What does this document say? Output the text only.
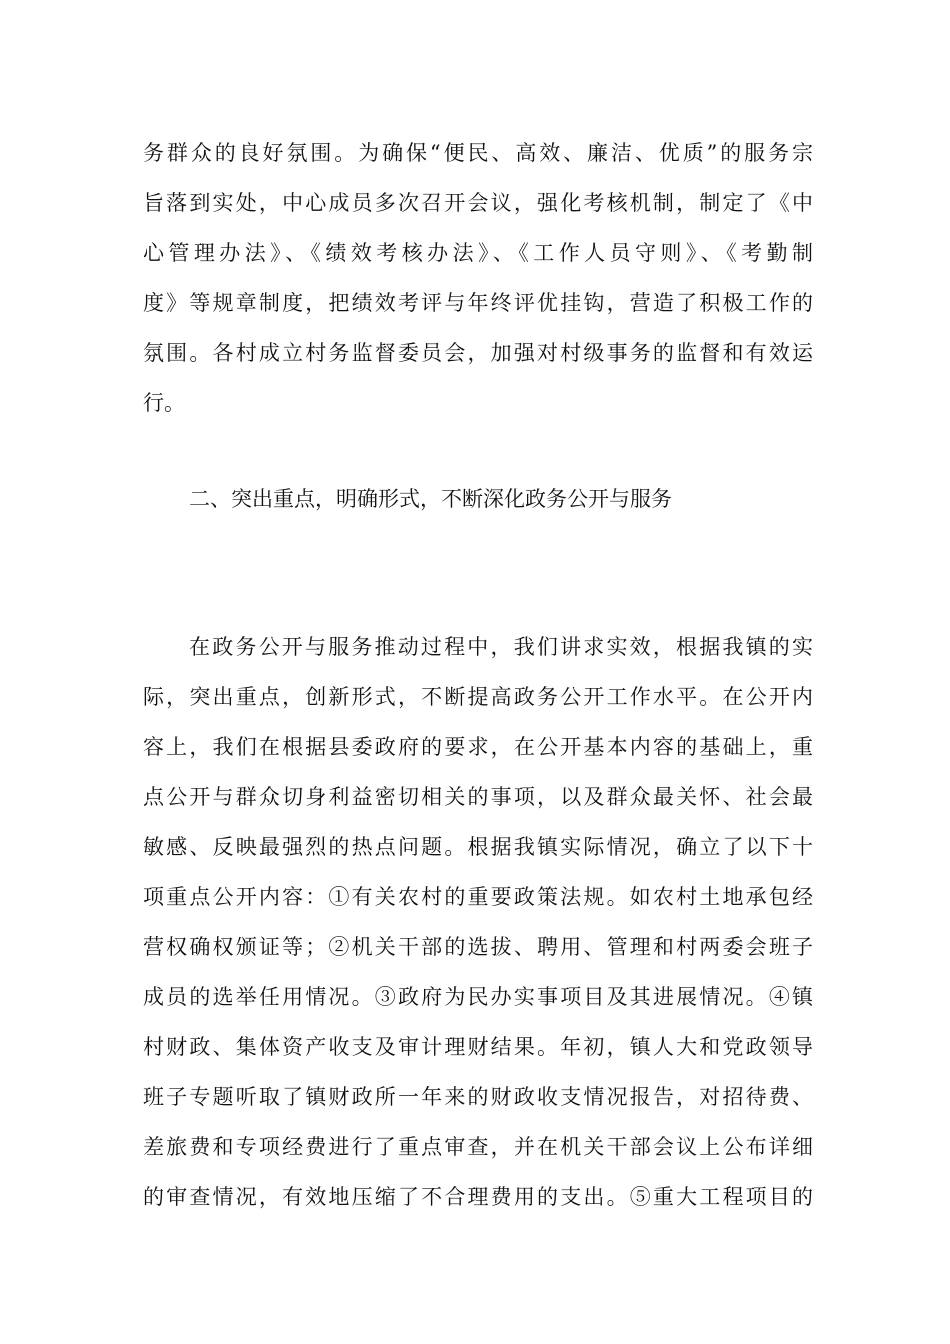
务群众的良好氛围。为确保“便民、高效、廉洁、优质”的服务宗
旨落到实处，中心成员多次召开会议，强化考核机制，制定了《中
心管理办法》、《绩效考核办法》、《工作人员守则》、《考勤制
度》等规章制度，把绩效考评与年终评优挂钩，营造了积极工作的
氛围。各村成立村务监督委员会，加强对村级事务的监督和有效运
行。
二、突出重点，明确形式，不断深化政务公开与服务
在政务公开与服务推动过程中，我们讲求实效，根据我镇的实
际，突出重点，创新形式，不断提高政务公开工作水平。在公开内
容上，我们在根据县委政府的要求，在公开基本内容的基础上，重
点公开与群众切身利益密切相关的事项，以及群众最关怀、社会最
敏感、反映最强烈的热点问题。根据我镇实际情况，确立了以下十
项重点公开内容：①有关农村的重要政策法规。如农村土地承包经
营权确权颁证等；②机关干部的选拔、聘用、管理和村两委会班子
成员的选举任用情况。③政府为民办实事项目及其进展情况。④镇
村财政、集体资产收支及审计理财结果。年初，镇人大和党政领导
班子专题听取了镇财政所一年来的财政收支情况报告，对招待费、
差旅费和专项经费进行了重点审查，并在机关干部会议上公布详细
的审查情况，有效地压缩了不合理费用的支出。⑤重大工程项目的
